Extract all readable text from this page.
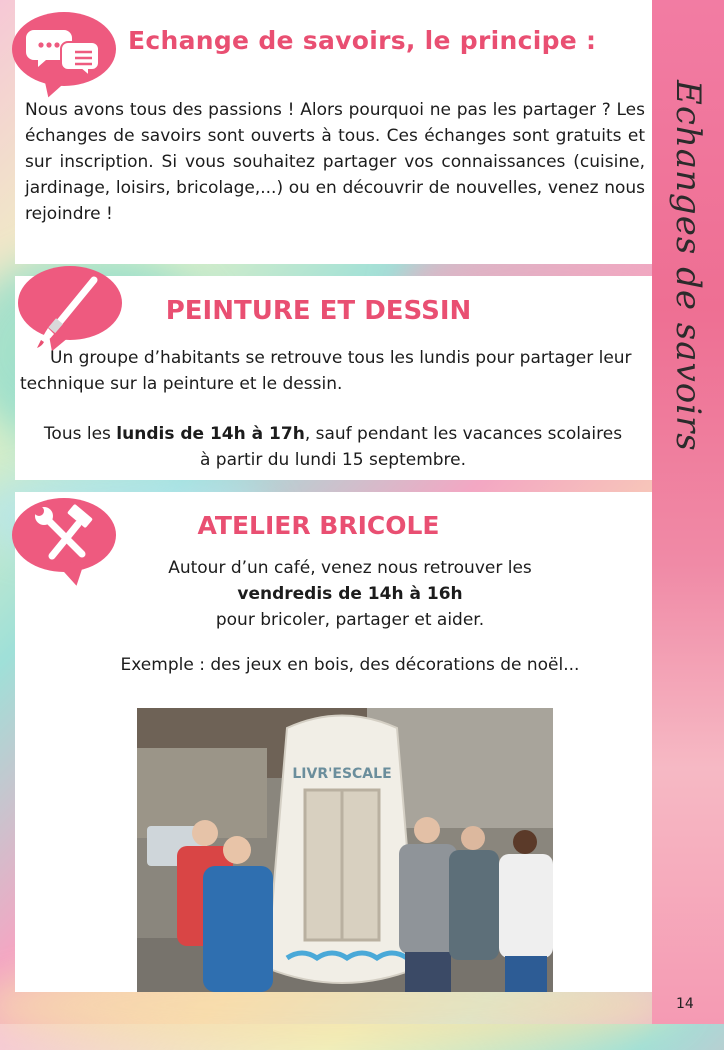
Echanges de savoirs
Echange de savoirs, le principe :
Nous avons tous des passions ! Alors pourquoi ne pas les partager ? Les échanges de savoirs sont ouverts à tous. Ces échanges sont gratuits et sur inscription. Si vous souhaitez partager vos connaissances (cuisine, jardinage, loisirs, bricolage,...) ou en découvrir de nouvelles, venez nous rejoindre !
PEINTURE ET DESSIN
Un groupe d’habitants se retrouve tous les lundis pour partager leur technique sur la peinture et le dessin.
Tous les lundis de 14h à 17h, sauf pendant les vacances scolaires
à partir du lundi 15 septembre.
ATELIER BRICOLE
Autour d’un café, venez nous retrouver les
vendredis de 14h à 16h
pour bricoler, partager et aider.
Exemple : des jeux en bois, des décorations de noël...
LIVR'ESCALE
14
